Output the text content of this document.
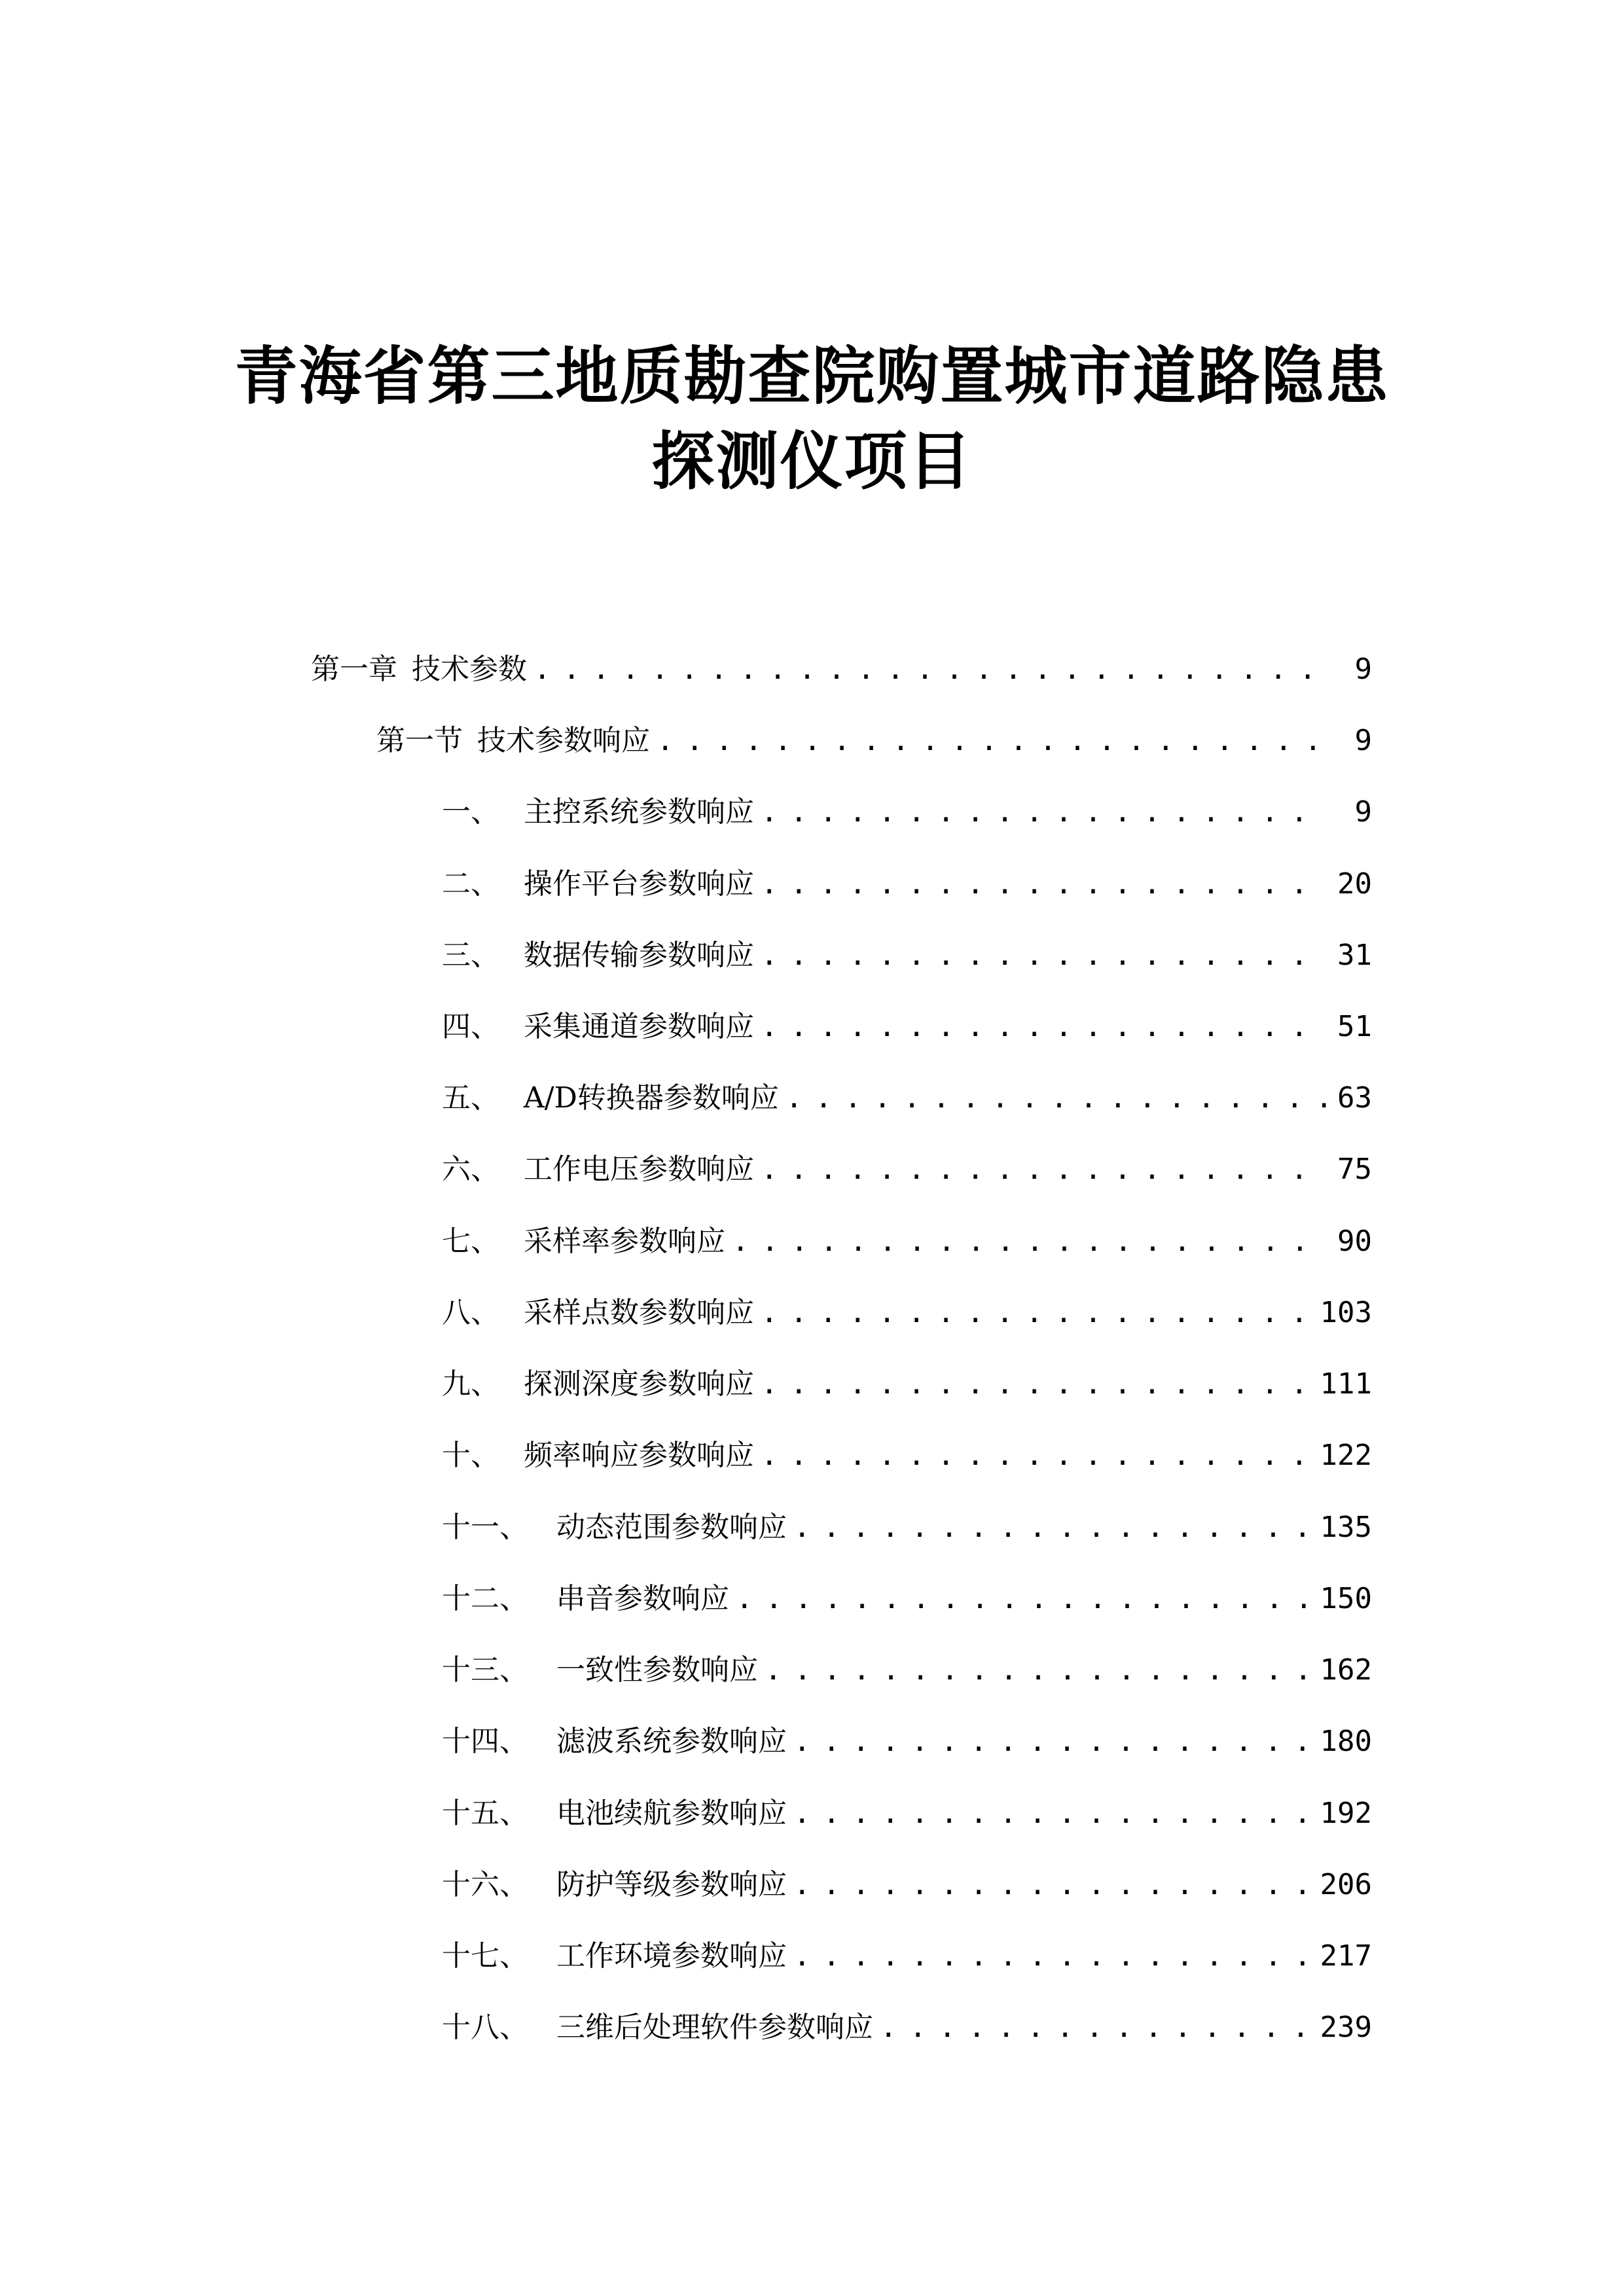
青海省第三地质勘查院购置城市道路隐患
探测仪项目
第一章 技术参数 . . .	9
第一节 技术参数响应 . . .	9
一、 主控系统参数响应 . . .	9
二、 操作平台参数响应 . . .	20
三、 数据传输参数响应 . . .	31
四、 采集通道参数响应 . . .	51
五、 A/D转换器参数响应 . . .	63
六、 工作电压参数响应 . . .	75
七、 采样率参数响应 . . .	90
八、 采样点数参数响应 . . .	103
九、 探测深度参数响应 . . .	111
十、 频率响应参数响应 . . .	122
十一、 动态范围参数响应 . . .	135
十二、 串音参数响应 . . .	150
十三、 一致性参数响应 . . .	162
十四、 滤波系统参数响应 . . .	180
十五、 电池续航参数响应 . . .	192
十六、 防护等级参数响应 . . .	206
十七、 工作环境参数响应 . . .	217
十八、 三维后处理软件参数响应 . . .	239
